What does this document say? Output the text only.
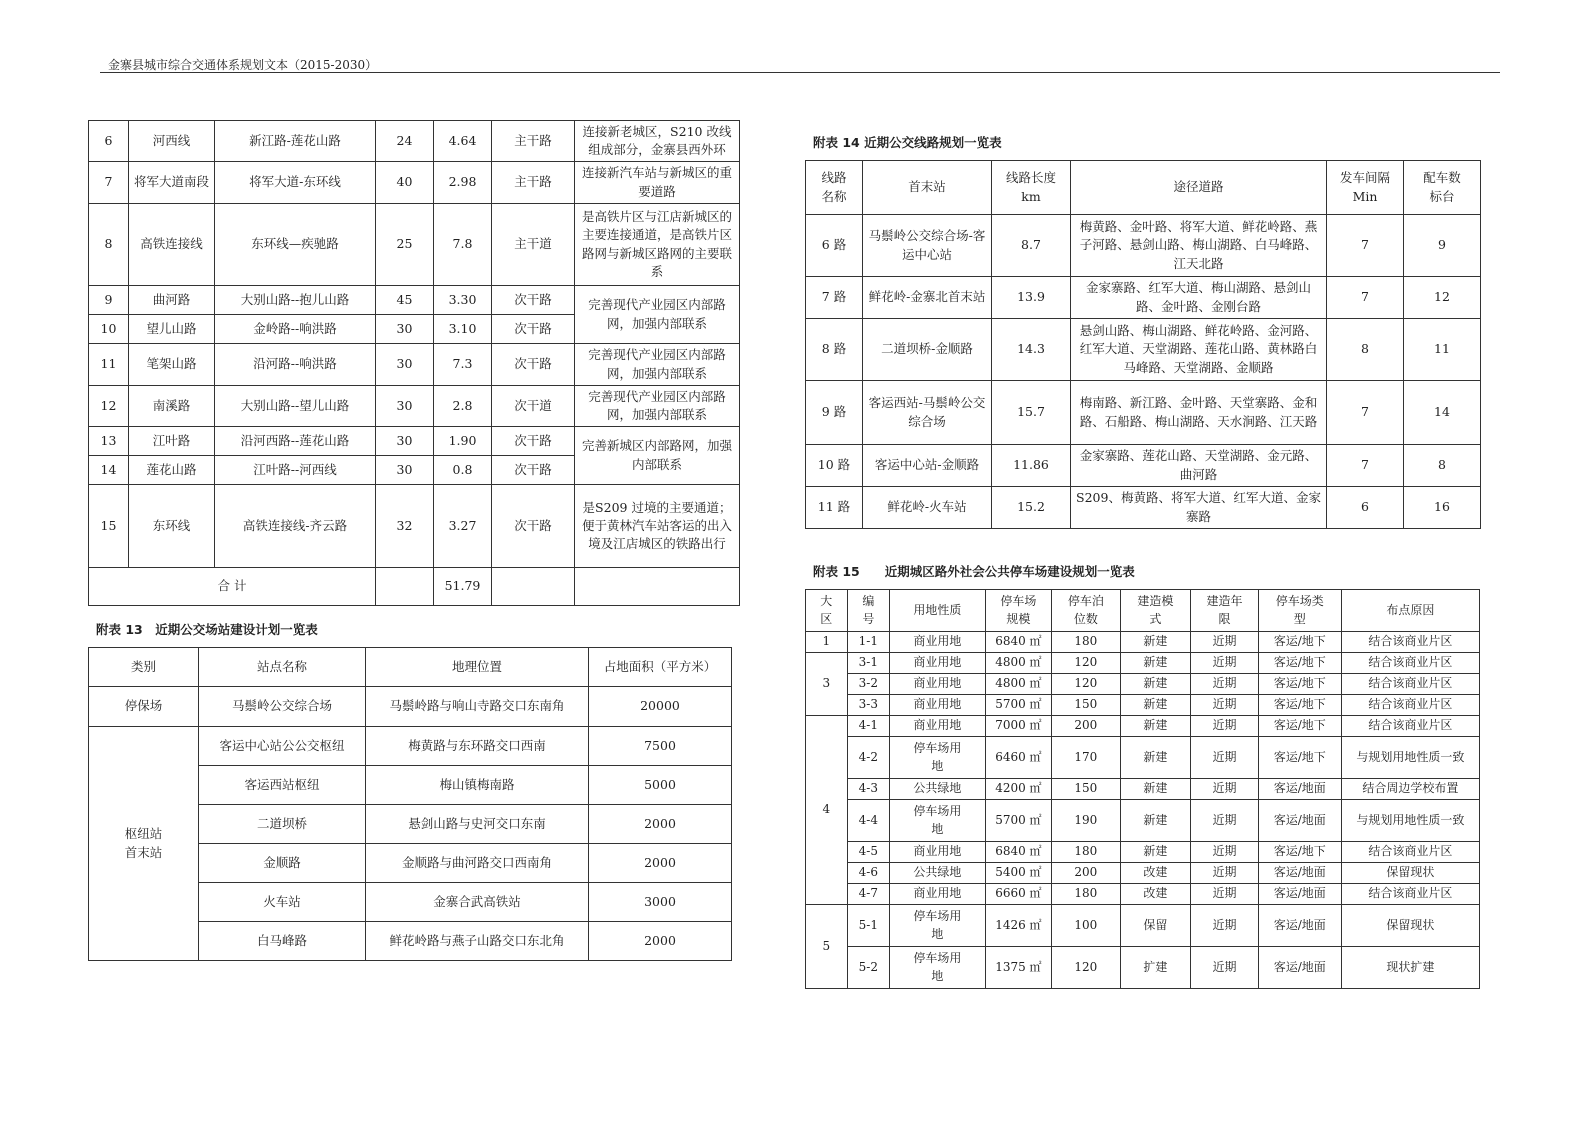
金寨县城市综合交通体系规划文本（2015-2030）
6	河西线	新江路-莲花山路	24	4.64	主干路	连接新老城区，S210 改线组成部分，金寨县西外环
7	将军大道南段	将军大道-东环线	40	2.98	主干路	连接新汽车站与新城区的重要道路
8	高铁连接线	东环线—疾驰路	25	7.8	主干道	是高铁片区与江店新城区的主要连接通道，是高铁片区路网与新城区路网的主要联系
9	曲河路	大别山路--抱儿山路	45	3.30	次干路	完善现代产业园区内部路网，加强内部联系
10	望儿山路	金岭路--响洪路	30	3.10	次干路	
11	笔架山路	沿河路--响洪路	30	7.3	次干路	完善现代产业园区内部路网，加强内部联系
12	南溪路	大别山路--望儿山路	30	2.8	次干道	完善现代产业园区内部路网，加强内部联系
13	江叶路	沿河西路--莲花山路	30	1.90	次干路	完善新城区内部路网，加强内部联系
14	莲花山路	江叶路--河西线	30	0.8	次干路	
15	东环线	高铁连接线-齐云路	32	3.27	次干路	是S209 过境的主要通道；便于黄林汽车站客运的出入境及江店城区的铁路出行
合 计				51.79		
附表 13　近期公交场站建设计划一览表
类别	站点名称	地理位置	占地面积（平方米）
停保场	马鬃岭公交综合场	马鬃岭路与响山寺路交口东南角	20000
枢纽站首末站	客运中心站公公交枢纽	梅黄路与东环路交口西南	7500
	客运西站枢纽	梅山镇梅南路	5000
	二道坝桥	悬剑山路与史河交口东南	2000
	金顺路	金顺路与曲河路交口西南角	2000
	火车站	金寨合武高铁站	3000
	白马峰路	鲜花岭路与燕子山路交口东北角	2000
附表 14 近期公交线路规划一览表
线路名称	首末站	线路长度 km	途径道路	发车间隔 Min	配车数 标台
6 路	马鬃岭公交综合场-客运中心站	8.7	梅黄路、金叶路、将军大道、鲜花岭路、燕子河路、悬剑山路、梅山湖路、白马峰路、江天北路	7	9
7 路	鲜花岭-金寨北首末站	13.9	金家寨路、红军大道、梅山湖路、悬剑山路、金叶路、金刚台路	7	12
8 路	二道坝桥-金顺路	14.3	悬剑山路、梅山湖路、鲜花岭路、金河路、红军大道、天堂湖路、莲花山路、黄林路白马峰路、天堂湖路、金顺路	8	11
9 路	客运西站-马鬃岭公交综合场	15.7	梅南路、新江路、金叶路、天堂寨路、金和路、石船路、梅山湖路、天水涧路、江天路	7	14
10 路	客运中心站-金顺路	11.86	金家寨路、莲花山路、天堂湖路、金元路、曲河路	7	8
11 路	鲜花岭-火车站	15.2	S209、梅黄路、将军大道、红军大道、金家寨路	6	16
附表 15　　近期城区路外社会公共停车场建设规划一览表
大区	编号	用地性质	停车场规模	停车泊位数	建造模式	建造年限	停车场类型	布点原因
1	1-1	商业用地	6840 ㎡	180	新建	近期	客运/地下	结合该商业片区
3	3-1	商业用地	4800 ㎡	120	新建	近期	客运/地下	结合该商业片区
	3-2	商业用地	4800 ㎡	120	新建	近期	客运/地下	结合该商业片区
	3-3	商业用地	5700 ㎡	150	新建	近期	客运/地下	结合该商业片区
4	4-1	商业用地	7000 ㎡	200	新建	近期	客运/地下	结合该商业片区
	4-2	停车场用地	6460 ㎡	170	新建	近期	客运/地下	与规划用地性质一致
	4-3	公共绿地	4200 ㎡	150	新建	近期	客运/地面	结合周边学校布置
	4-4	停车场用地	5700 ㎡	190	新建	近期	客运/地面	与规划用地性质一致
	4-5	商业用地	6840 ㎡	180	新建	近期	客运/地下	结合该商业片区
	4-6	公共绿地	5400 ㎡	200	改建	近期	客运/地面	保留现状
	4-7	商业用地	6660 ㎡	180	改建	近期	客运/地面	结合该商业片区
5	5-1	停车场用地	1426 ㎡	100	保留	近期	客运/地面	保留现状
	5-2	停车场用地	1375 ㎡	120	扩建	近期	客运/地面	现状扩建
